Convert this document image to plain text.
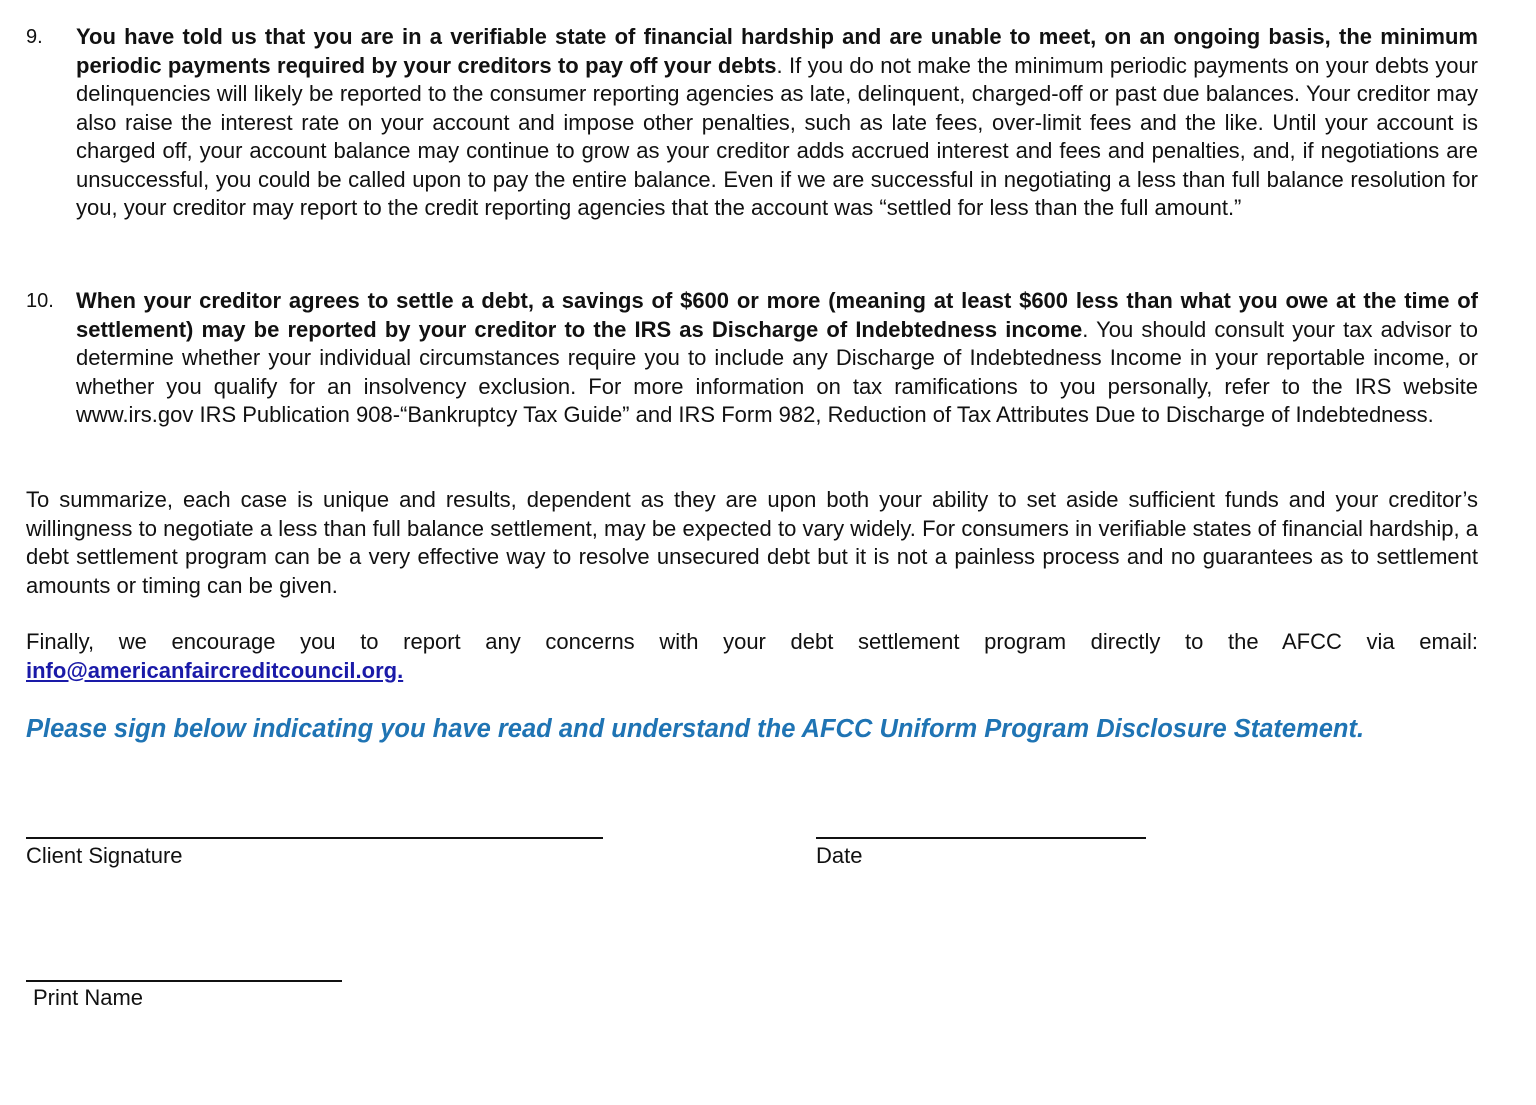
9.	You have told us that you are in a verifiable state of financial hardship and are unable to meet, on an ongoing basis, the minimum periodic payments required by your creditors to pay off your debts. If you do not make the minimum periodic payments on your debts your delinquencies will likely be reported to the consumer reporting agencies as late, delinquent, charged-off or past due balances. Your creditor may also raise the interest rate on your account and impose other penalties, such as late fees, over-limit fees and the like. Until your account is charged off, your account balance may continue to grow as your creditor adds accrued interest and fees and penalties, and, if negotiations are unsuccessful, you could be called upon to pay the entire balance. Even if we are successful in negotiating a less than full balance resolution for you, your creditor may report to the credit reporting agencies that the account was “settled for less than the full amount.”
10.	When your creditor agrees to settle a debt, a savings of $600 or more (meaning at least $600 less than what you owe at the time of settlement) may be reported by your creditor to the IRS as Discharge of Indebtedness income. You should consult your tax advisor to determine whether your individual circumstances require you to include any Discharge of Indebtedness Income in your reportable income, or whether you qualify for an insolvency exclusion. For more information on tax ramifications to you personally, refer to the IRS website www.irs.gov IRS Publication 908-“Bankruptcy Tax Guide” and IRS Form 982, Reduction of Tax Attributes Due to Discharge of Indebtedness.
To summarize, each case is unique and results, dependent as they are upon both your ability to set aside sufficient funds and your creditor’s willingness to negotiate a less than full balance settlement, may be expected to vary widely. For consumers in verifiable states of financial hardship, a debt settlement program can be a very effective way to resolve unsecured debt but it is not a painless process and no guarantees as to settlement amounts or timing can be given.
Finally, we encourage you to report any concerns with your debt settlement program directly to the AFCC via email: info@americanfaircreditcouncil.org.
Please sign below indicating you have read and understand the AFCC Uniform Program Disclosure Statement.
Client Signature	Date
Print Name
